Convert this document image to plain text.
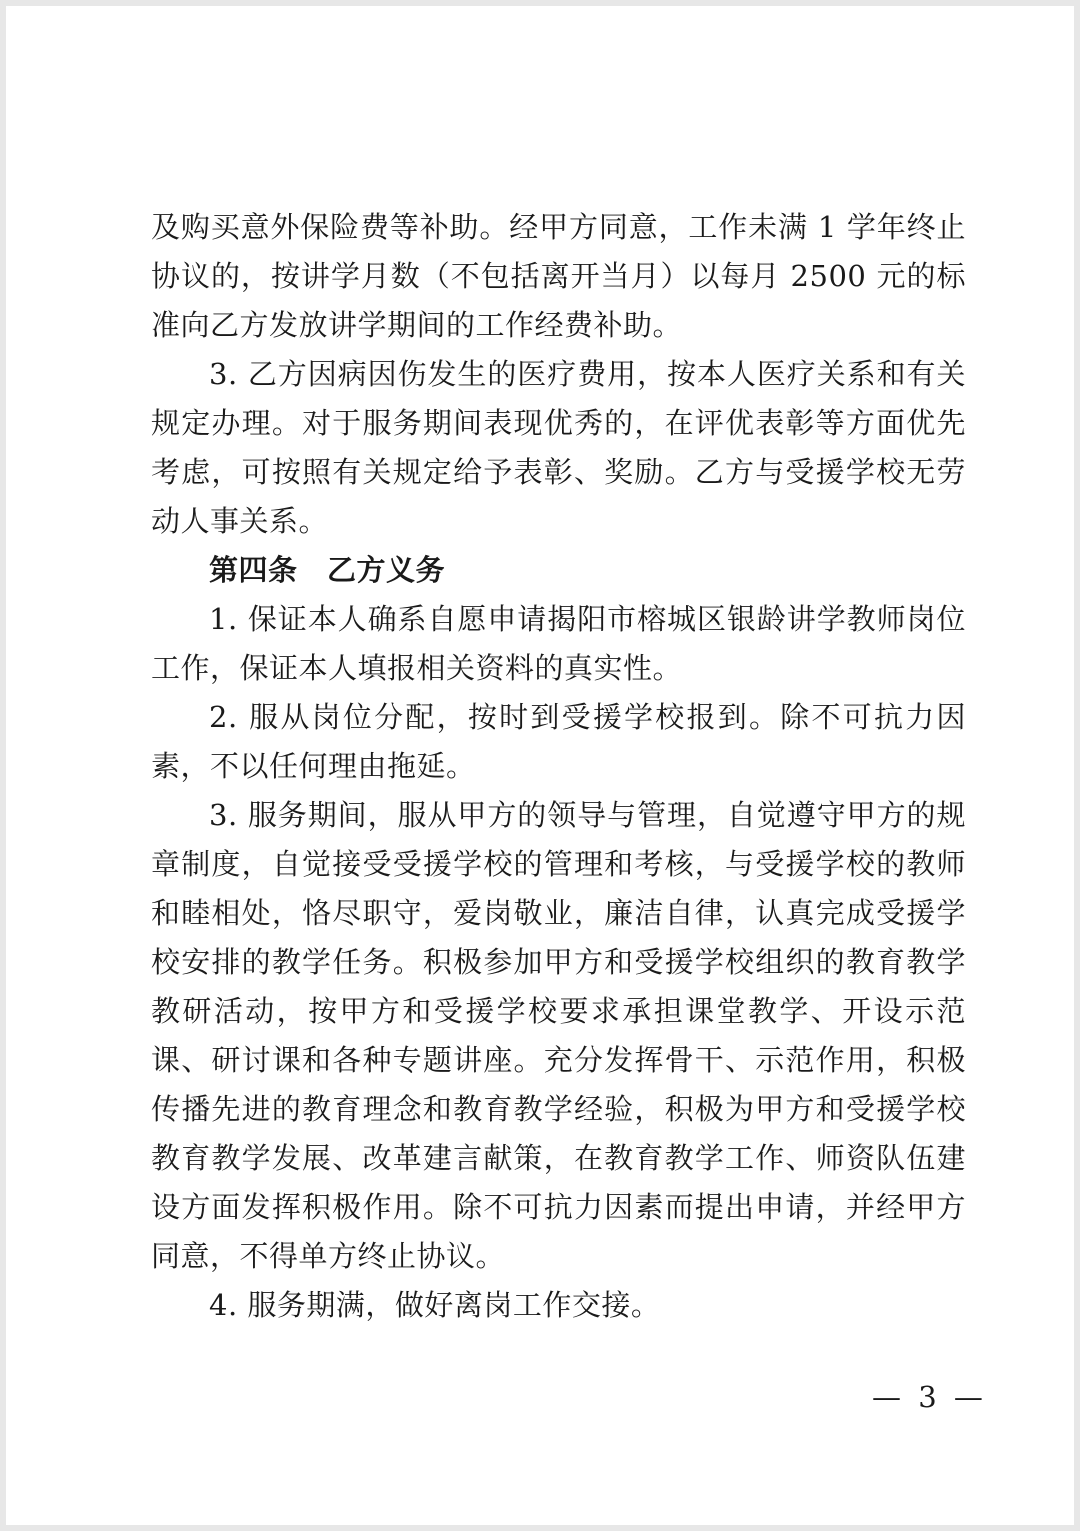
及购买意外保险费等补助。经甲方同意，工作未满 1 学年终止协议的，按讲学月数（不包括离开当月）以每月 2500 元的标准向乙方发放讲学期间的工作经费补助。

3. 乙方因病因伤发生的医疗费用，按本人医疗关系和有关规定办理。对于服务期间表现优秀的，在评优表彰等方面优先考虑，可按照有关规定给予表彰、奖励。乙方与受援学校无劳动人事关系。

第四条　乙方义务

1. 保证本人确系自愿申请揭阳市榕城区银龄讲学教师岗位工作，保证本人填报相关资料的真实性。

2. 服从岗位分配，按时到受援学校报到。除不可抗力因素，不以任何理由拖延。

3. 服务期间，服从甲方的领导与管理，自觉遵守甲方的规章制度，自觉接受受援学校的管理和考核，与受援学校的教师和睦相处，恪尽职守，爱岗敬业，廉洁自律，认真完成受援学校安排的教学任务。积极参加甲方和受援学校组织的教育教学教研活动，按甲方和受援学校要求承担课堂教学、开设示范课、研讨课和各种专题讲座。充分发挥骨干、示范作用，积极传播先进的教育理念和教育教学经验，积极为甲方和受援学校教育教学发展、改革建言献策，在教育教学工作、师资队伍建设方面发挥积极作用。除不可抗力因素而提出申请，并经甲方同意，不得单方终止协议。

4. 服务期满，做好离岗工作交接。

— 3 —
